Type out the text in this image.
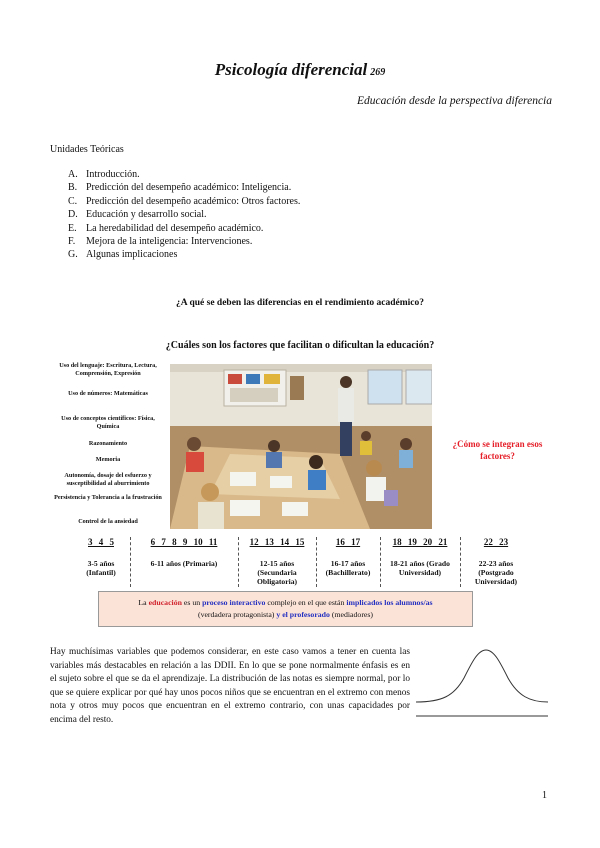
Psicología diferencial 269
Educación desde la perspectiva diferencia
Unidades Teóricas
A. Introducción.
B. Predicción del desempeño académico: Inteligencia.
C. Predicción del desempeño académico: Otros factores.
D. Educación y desarrollo social.
E. La heredabilidad del desempeño académico.
F. Mejora de la inteligencia: Intervenciones.
G. Algunas implicaciones
¿A qué se deben las diferencias en el rendimiento académico?
¿Cuáles son los factores que facilitan o dificultan la educación?
Uso del lenguaje: Escritura, Lectura, Comprensión, Expresión
Uso de números: Matemáticas
Uso de conceptos científicos: Física, Química
Razonamiento
Memoria
Autonomía, dosaje del esfuerzo y susceptibilidad al aburrimiento
Persistencia y Tolerancia a la frustración
Control de la ansiedad
¿Cómo se integran esos factores?
3 4 5
3-5 años (Infantil)
6 7 8 9 10 11
6-11 años (Primaria)
12 13 14 15
12-15 años (Secundaria Obligatoria)
16 17
16-17 años (Bachillerato)
18 19 20 21
18-21 años (Grado Universidad)
22 23
22-23 años (Postgrado Universidad)
La educación es un proceso interactivo complejo en el que están implicados los alumnos/as
(verdadera protagonista) y el profesorado (mediadores)

Hay muchísimas variables que podemos considerar, en este caso vamos a tener en cuenta las variables más destacables en relación a las DDII. En lo que se pone normalmente énfasis es en el sujeto sobre el que se da el aprendizaje. La distribución de las notas es siempre normal, por lo que se quiere explicar por qué hay unos pocos niños que se encuentran en el extremo con menos nota y otros muy pocos que encuentran en el extremo contrario, con unas capacidades por encima del resto.

1
